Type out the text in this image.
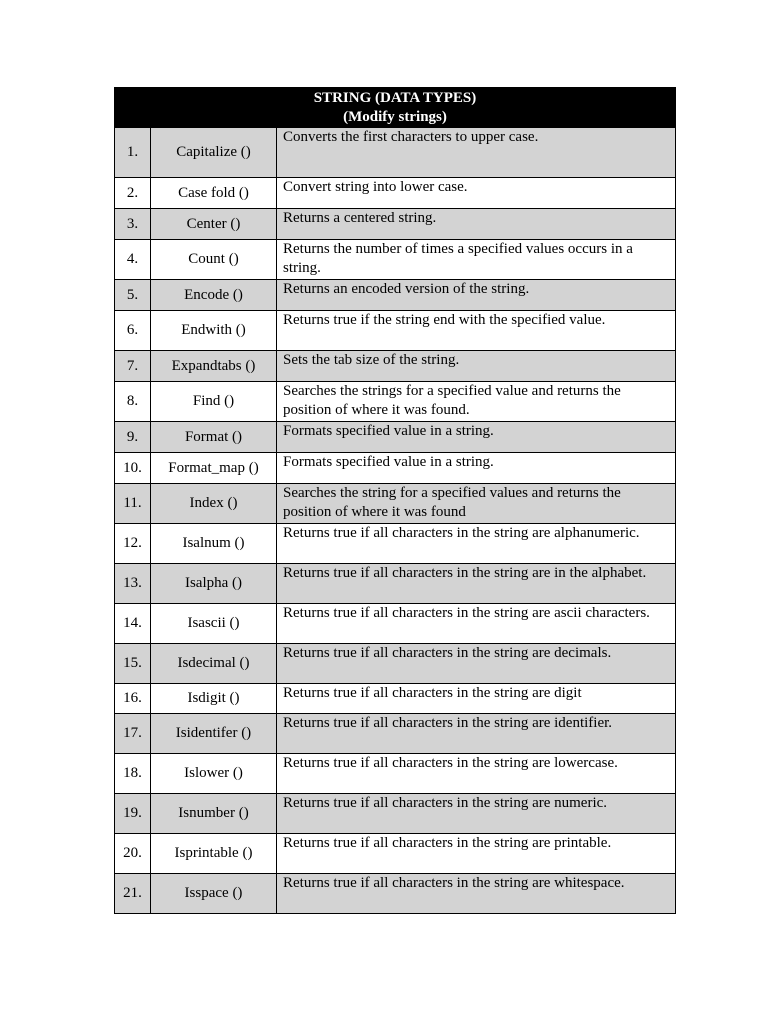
STRING (DATA TYPES)
(Modify strings)		

1.	Capitalize ()	Converts the first characters to upper case.
2.	Case fold ()	Convert string into lower case.
3.	Center ()	Returns a centered string.
4.	Count ()	Returns the number of times a specified values occurs in a string.
5.	Encode ()	Returns an encoded version of the string.
6.	Endwith ()	Returns true if the string end with the specified value.
7.	Expandtabs ()	Sets the tab size of the string.
8.	Find ()	Searches the strings for a specified value and returns the position of where it was found.
9.	Format ()	Formats specified value in a string.
10.	Format_map ()	Formats specified value in a string.
11.	Index ()	Searches the string for a specified values and returns the position of where it was found
12.	Isalnum ()	Returns true if all characters in the string are alphanumeric.
13.	Isalpha ()	Returns true if all characters in the string are in the alphabet.
14.	Isascii ()	Returns true if all characters in the string are ascii characters.
15.	Isdecimal ()	Returns true if all characters in the string are decimals.
16.	Isdigit ()	Returns true if all characters in the string are digit
17.	Isidentifer ()	Returns true if all characters in the string are identifier.
18.	Islower ()	Returns true if all characters in the string are lowercase.
19.	Isnumber ()	Returns true if all characters in the string are numeric.
20.	Isprintable ()	Returns true if all characters in the string are printable.
21.	Isspace ()	Returns true if all characters in the string are whitespace.
